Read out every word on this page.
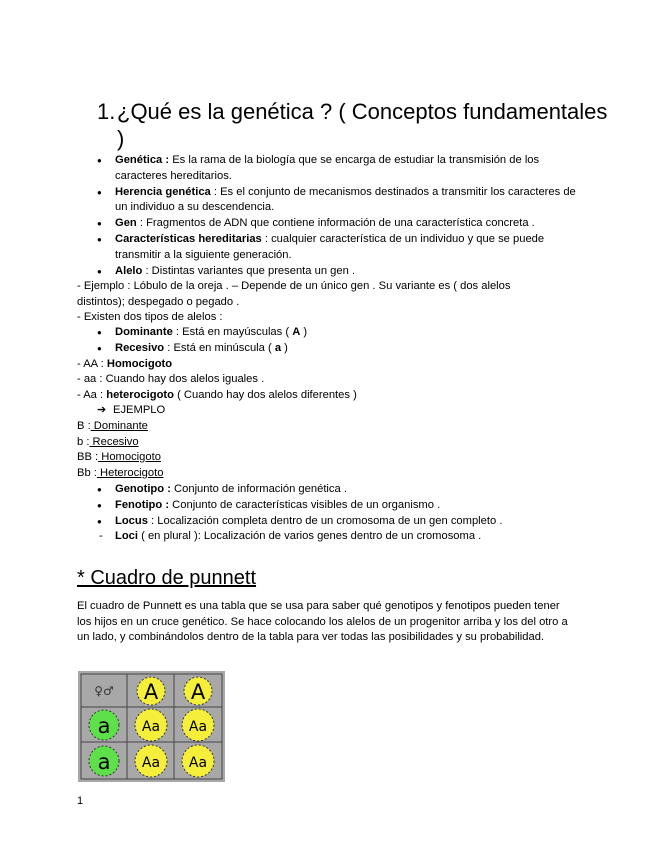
1. ¿Qué es la genética ? ( Conceptos fundamentales )
● Genética : Es la rama de la biología que se encarga de estudiar la transmisión de los caracteres hereditarios.
● Herencia genética : Es el conjunto de mecanismos destinados a transmitir los caracteres de un individuo a su descendencia.
● Gen : Fragmentos de ADN que contiene información de una característica concreta .
● Características hereditarias : cualquier característica de un individuo y que se puede transmitir a la siguiente generación.
● Alelo : Distintas variantes que presenta un gen .
- Ejemplo : Lóbulo de la oreja . – Depende de un único gen . Su variante es ( dos alelos distintos); despegado o pegado .
- Existen dos tipos de alelos :
● Dominante : Está en mayúsculas ( A )
● Recesivo : Está en minúscula ( a )
- AA : Homocigoto
- aa : Cuando hay dos alelos iguales .
- Aa : heterocigoto ( Cuando hay dos alelos diferentes )
➔ EJEMPLO
B : Dominante
b : Recesivo
BB : Homocigoto
Bb : Heterocigoto
● Genotipo : Conjunto de información genética .
● Fenotipo : Conjunto de características visibles de un organismo .
● Locus : Localización completa dentro de un cromosoma de un gen completo .
- Loci ( en plural ): Localización de varios genes dentro de un cromosoma .
* Cuadro de punnett
El cuadro de Punnett es una tabla que se usa para saber qué genotipos y fenotipos pueden tener los hijos en un cruce genético. Se hace colocando los alelos de un progenitor arriba y los del otro a un lado, y combinándolos dentro de la tabla para ver todas las posibilidades y su probabilidad.
♀♂ A A
a
a
Aa Aa
Aa Aa
1
